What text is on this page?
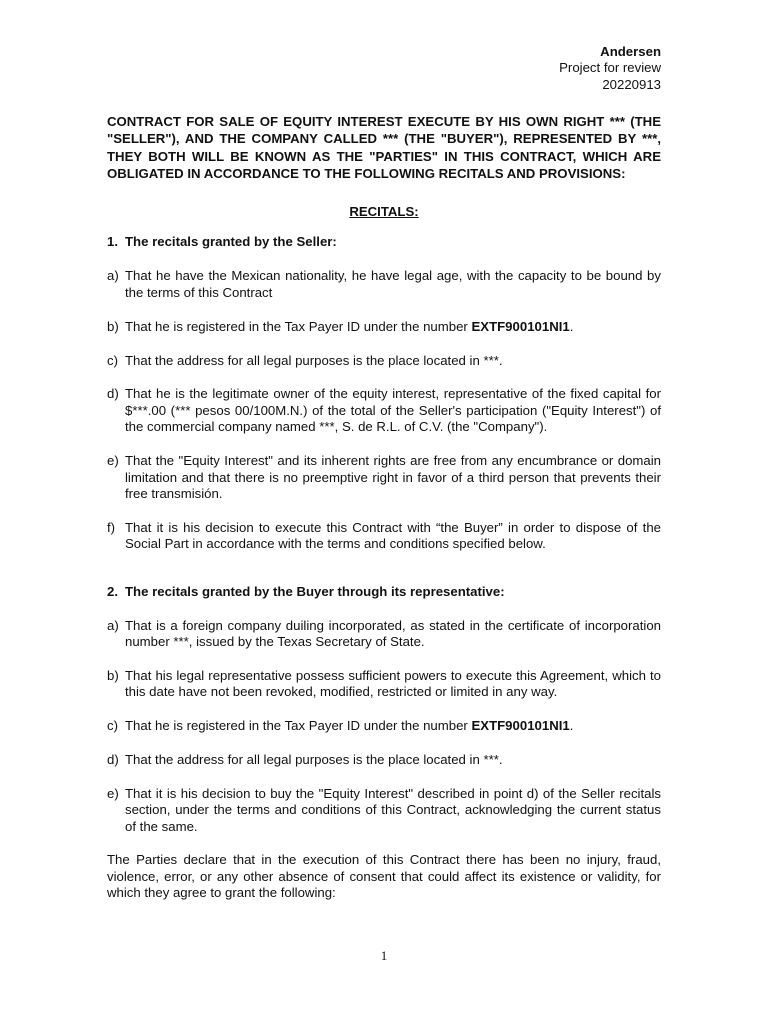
Andersen
Project for review
20220913
CONTRACT FOR SALE OF EQUITY INTEREST EXECUTE BY HIS OWN RIGHT *** (THE "SELLER"), AND THE COMPANY CALLED *** (THE "BUYER"), REPRESENTED BY ***, THEY BOTH WILL BE KNOWN AS THE "PARTIES" IN THIS CONTRACT, WHICH ARE OBLIGATED IN ACCORDANCE TO THE FOLLOWING RECITALS AND PROVISIONS:
RECITALS:
1. The recitals granted by the Seller:
a) That he have the Mexican nationality, he have legal age, with the capacity to be bound by the terms of this Contract
b) That he is registered in the Tax Payer ID under the number EXTF900101NI1.
c) That the address for all legal purposes is the place located in ***.
d) That he is the legitimate owner of the equity interest, representative of the fixed capital for $***.00 (*** pesos 00/100M.N.) of the total of the Seller's participation ("Equity Interest") of the commercial company named ***, S. de R.L. of C.V. (the "Company").
e) That the "Equity Interest" and its inherent rights are free from any encumbrance or domain limitation and that there is no preemptive right in favor of a third person that prevents their free transmisión.
f) That it is his decision to execute this Contract with “the Buyer” in order to dispose of the Social Part in accordance with the terms and conditions specified below.
2. The recitals granted by the Buyer through its representative:
a) That is a foreign company duiling incorporated, as stated in the certificate of incorporation number ***, issued by the Texas Secretary of State.
b) That his legal representative possess sufficient powers to execute this Agreement, which to this date have not been revoked, modified, restricted or limited in any way.
c) That he is registered in the Tax Payer ID under the number EXTF900101NI1.
d) That the address for all legal purposes is the place located in ***.
e) That it is his decision to buy the "Equity Interest" described in point d) of the Seller recitals section, under the terms and conditions of this Contract, acknowledging the current status of the same.
The Parties declare that in the execution of this Contract there has been no injury, fraud, violence, error, or any other absence of consent that could affect its existence or validity, for which they agree to grant the following:
1
